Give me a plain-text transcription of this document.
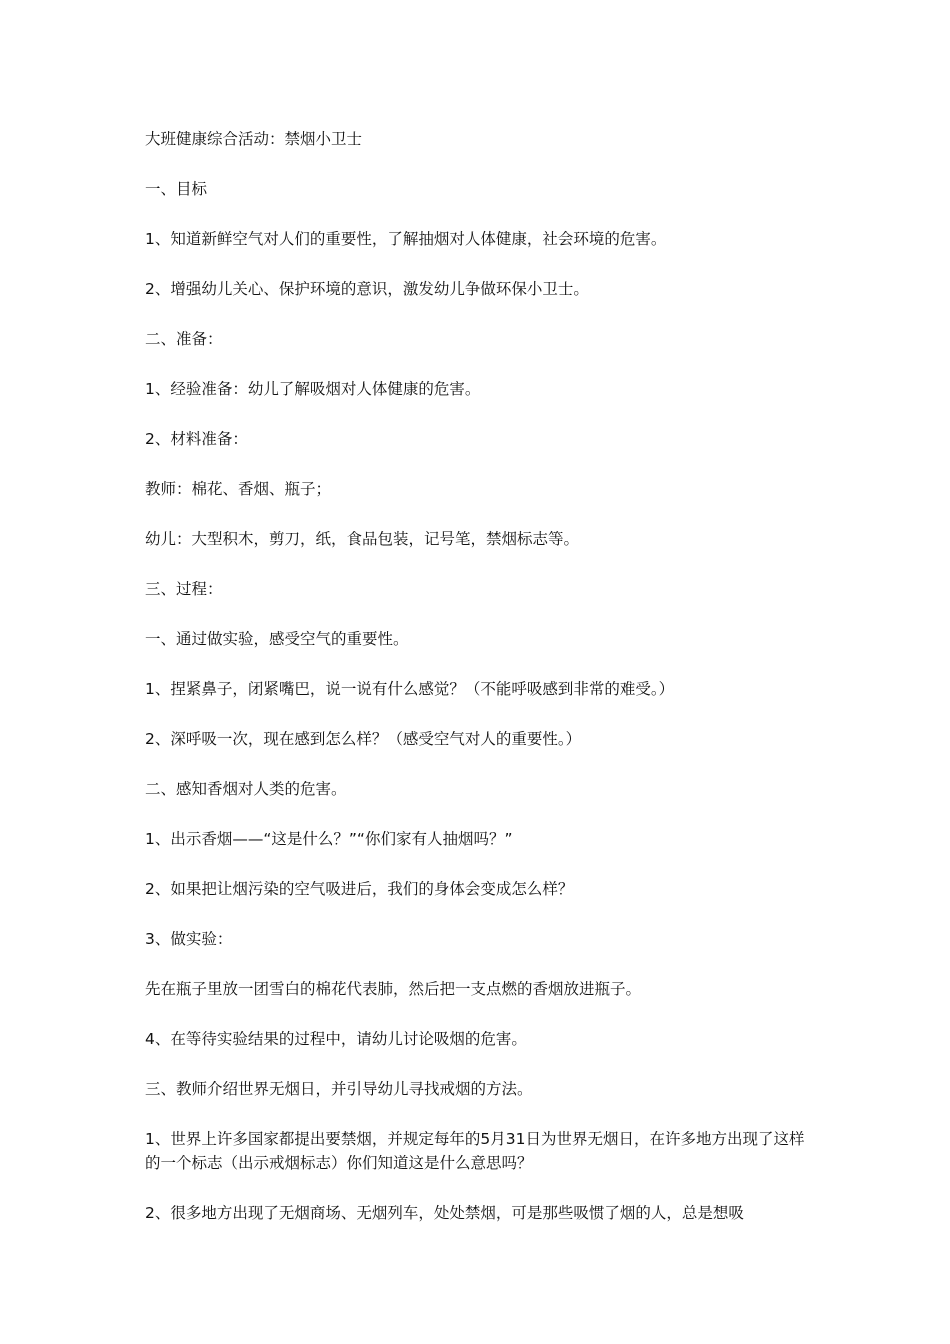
大班健康综合活动：禁烟小卫士

一、目标

1、知道新鲜空气对人们的重要性，了解抽烟对人体健康，社会环境的危害。

2、增强幼儿关心、保护环境的意识，激发幼儿争做环保小卫士。

二、准备：

1、经验准备：幼儿了解吸烟对人体健康的危害。

2、材料准备：

教师：棉花、香烟、瓶子；

幼儿：大型积木，剪刀，纸，食品包装，记号笔，禁烟标志等。

三、过程：

一、通过做实验，感受空气的重要性。

1、捏紧鼻子，闭紧嘴巴，说一说有什么感觉？（不能呼吸感到非常的难受。）

2、深呼吸一次，现在感到怎么样？（感受空气对人的重要性。）

二、感知香烟对人类的危害。

1、出示香烟——“这是什么？”“你们家有人抽烟吗？”

2、如果把让烟污染的空气吸进后，我们的身体会变成怎么样？

3、做实验：

先在瓶子里放一团雪白的棉花代表肺，然后把一支点燃的香烟放进瓶子。

4、在等待实验结果的过程中，请幼儿讨论吸烟的危害。

三、教师介绍世界无烟日，并引导幼儿寻找戒烟的方法。

1、世界上许多国家都提出要禁烟，并规定每年的5月31日为世界无烟日，在许多地方出现了这样的一个标志（出示戒烟标志）你们知道这是什么意思吗？

2、很多地方出现了无烟商场、无烟列车，处处禁烟，可是那些吸惯了烟的人，总是想吸
